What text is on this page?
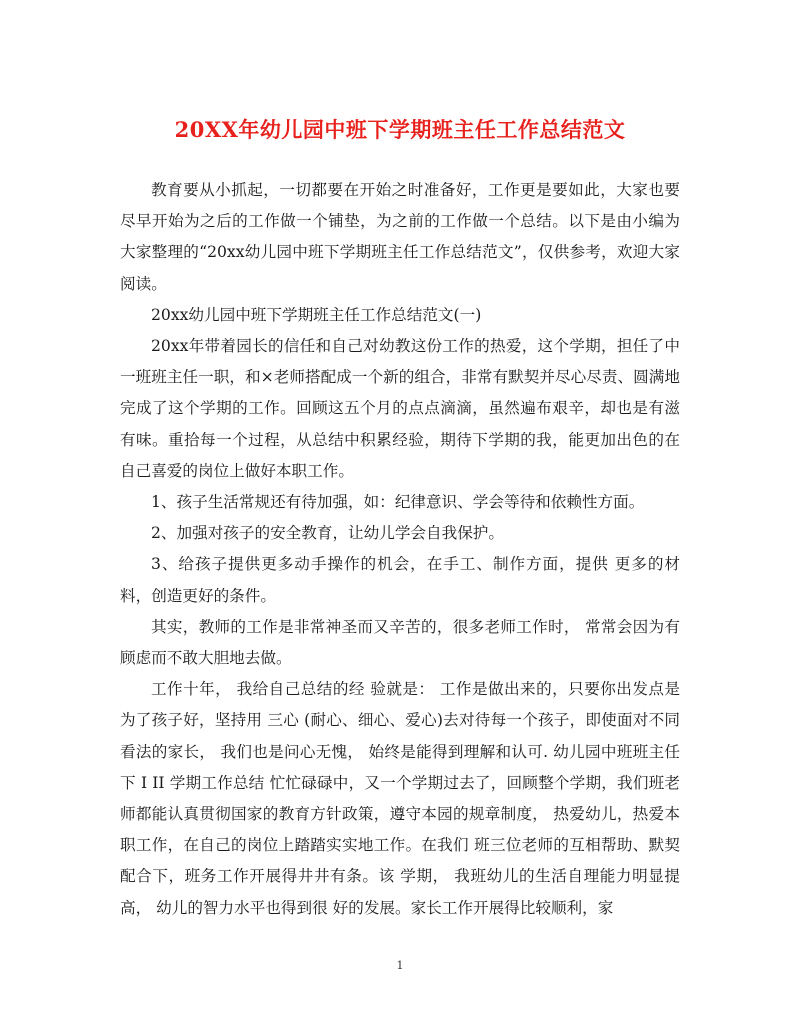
20XX年幼儿园中班下学期班主任工作总结范文

教育要从小抓起，一切都要在开始之时准备好，工作更是要如此，大家也要尽早开始为之后的工作做一个铺垫，为之前的工作做一个总结。以下是由小编为大家整理的“20xx幼儿园中班下学期班主任工作总结范文”，仅供参考，欢迎大家阅读。

20xx幼儿园中班下学期班主任工作总结范文(一)

20xx年带着园长的信任和自己对幼教这份工作的热爱，这个学期，担任了中一班班主任一职，和×老师搭配成一个新的组合，非常有默契并尽心尽责、圆满地完成了这个学期的工作。回顾这五个月的点点滴滴，虽然遍布艰辛，却也是有滋有味。重拾每一个过程，从总结中积累经验，期待下学期的我，能更加出色的在自己喜爱的岗位上做好本职工作。

1、孩子生活常规还有待加强，如：纪律意识、学会等待和依赖性方面。

2、加强对孩子的安全教育，让幼儿学会自我保护。

3、给孩子提供更多动手操作的机会，在手工、制作方面，提供 更多的材料，创造更好的条件。

其实，教师的工作是非常神圣而又辛苦的，很多老师工作时， 常常会因为有顾虑而不敢大胆地去做。

工作十年， 我给自己总结的经 验就是： 工作是做出来的，只要你出发点是为了孩子好，坚持用 三心 (耐心、细心、爱心)去对待每一个孩子，即使面对不同看法的家长， 我们也是问心无愧， 始终是能得到理解和认可. 幼儿园中班班主任下 I II 学期工作总结 忙忙碌碌中，又一个学期过去了，回顾整个学期，我们班老师都能认真贯彻国家的教育方针政策，遵守本园的规章制度， 热爱幼儿，热爱本职工作，在自己的岗位上踏踏实实地工作。在我们 班三位老师的互相帮助、默契配合下，班务工作开展得井井有条。该 学期， 我班幼儿的生活自理能力明显提高， 幼儿的智力水平也得到很 好的发展。家长工作开展得比较顺利，家

1
